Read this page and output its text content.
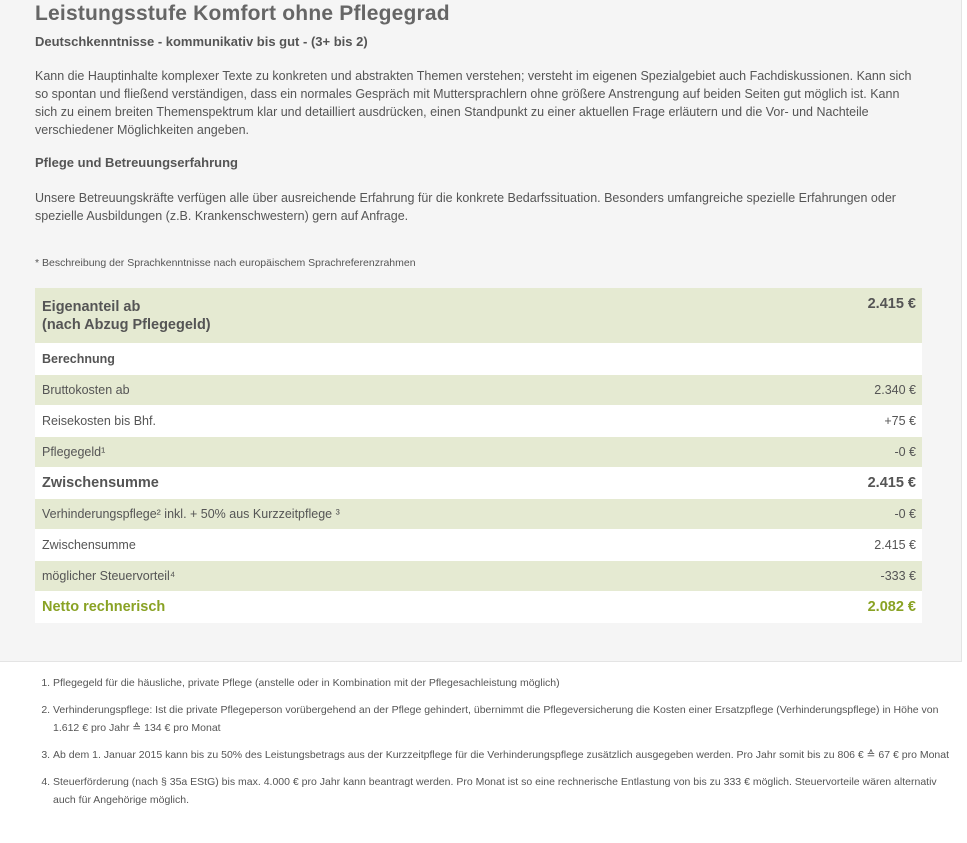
Leistungsstufe Komfort ohne Pflegegrad

Deutschkenntnisse - kommunikativ bis gut - (3+ bis 2)

Kann die Hauptinhalte komplexer Texte zu konkreten und abstrakten Themen verstehen; versteht im eigenen Spezialgebiet auch Fachdiskussionen. Kann sich so spontan und fließend verständigen, dass ein normales Gespräch mit Muttersprachlern ohne größere Anstrengung auf beiden Seiten gut möglich ist. Kann sich zu einem breiten Themenspektrum klar und detailliert ausdrücken, einen Standpunkt zu einer aktuellen Frage erläutern und die Vor- und Nachteile verschiedener Möglichkeiten angeben.

Pflege und Betreuungserfahrung

Unsere Betreuungskräfte verfügen alle über ausreichende Erfahrung für die konkrete Bedarfssituation. Besonders umfangreiche spezielle Erfahrungen oder spezielle Ausbildungen (z.B. Krankenschwestern) gern auf Anfrage.

* Beschreibung der Sprachkenntnisse nach europäischem Sprachreferenzrahmen

Eigenanteil ab
(nach Abzug Pflegegeld)	2.415 €
Berechnung	
Bruttokosten ab	2.340 €
Reisekosten bis Bhf.	+75 €
Pflegegeld¹	-0 €
Zwischensumme	2.415 €
Verhinderungspflege² inkl. + 50% aus Kurzzeitpflege ³	-0 €
Zwischensumme	2.415 €
möglicher Steuervorteil⁴	-333 €
Netto rechnerisch	2.082 €
1. Pflegegeld für die häusliche, private Pflege (anstelle oder in Kombination mit der Pflegesachleistung möglich)
2. Verhinderungspflege: Ist die private Pflegeperson vorübergehend an der Pflege gehindert, übernimmt die Pflegeversicherung die Kosten einer Ersatzpflege (Verhinderungspflege) in Höhe von 1.612 € pro Jahr ≙ 134 € pro Monat
3. Ab dem 1. Januar 2015 kann bis zu 50% des Leistungsbetrags aus der Kurzzeitpflege für die Verhinderungspflege zusätzlich ausgegeben werden. Pro Jahr somit bis zu 806 € ≙ 67 € pro Monat
4. Steuerförderung (nach § 35a EStG) bis max. 4.000 € pro Jahr kann beantragt werden. Pro Monat ist so eine rechnerische Entlastung von bis zu 333 € möglich. Steuervorteile wären alternativ auch für Angehörige möglich.
